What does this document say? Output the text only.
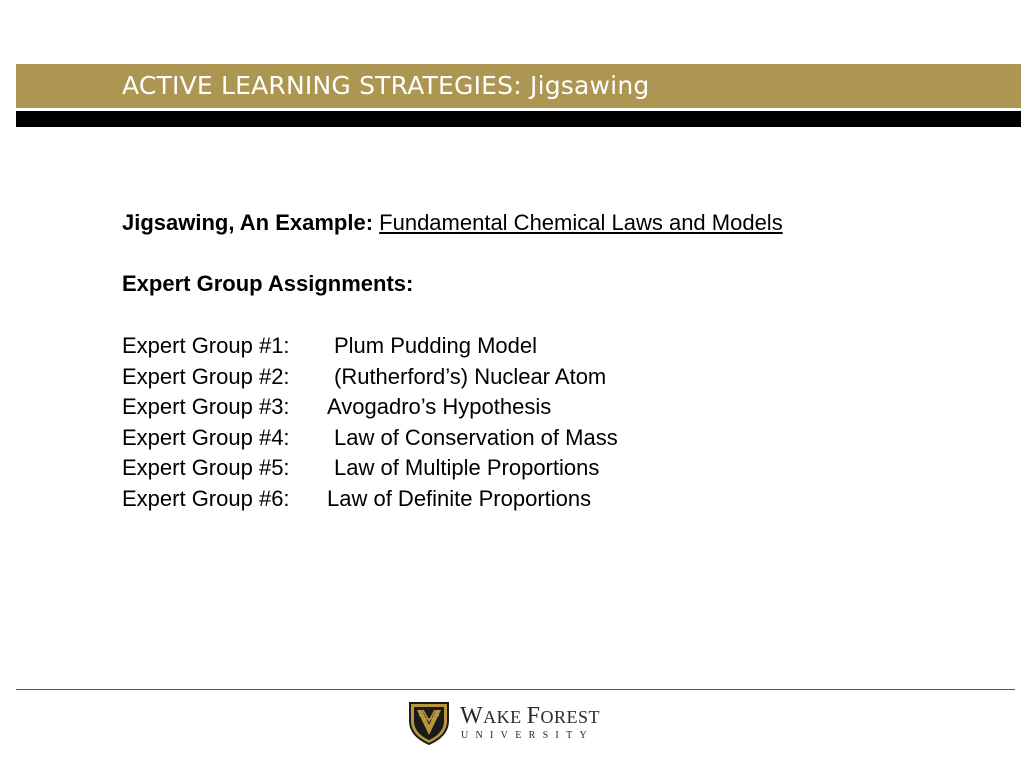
ACTIVE LEARNING STRATEGIES: Jigsawing
Jigsawing, An Example: Fundamental Chemical Laws and Models
Expert Group Assignments:
Expert Group #1: Plum Pudding Model
Expert Group #2: (Rutherford’s) Nuclear Atom
Expert Group #3: Avogadro’s Hypothesis
Expert Group #4: Law of Conservation of Mass
Expert Group #5: Law of Multiple Proportions
Expert Group #6: Law of Definite Proportions
WAKE FOREST
UNIVERSITY
